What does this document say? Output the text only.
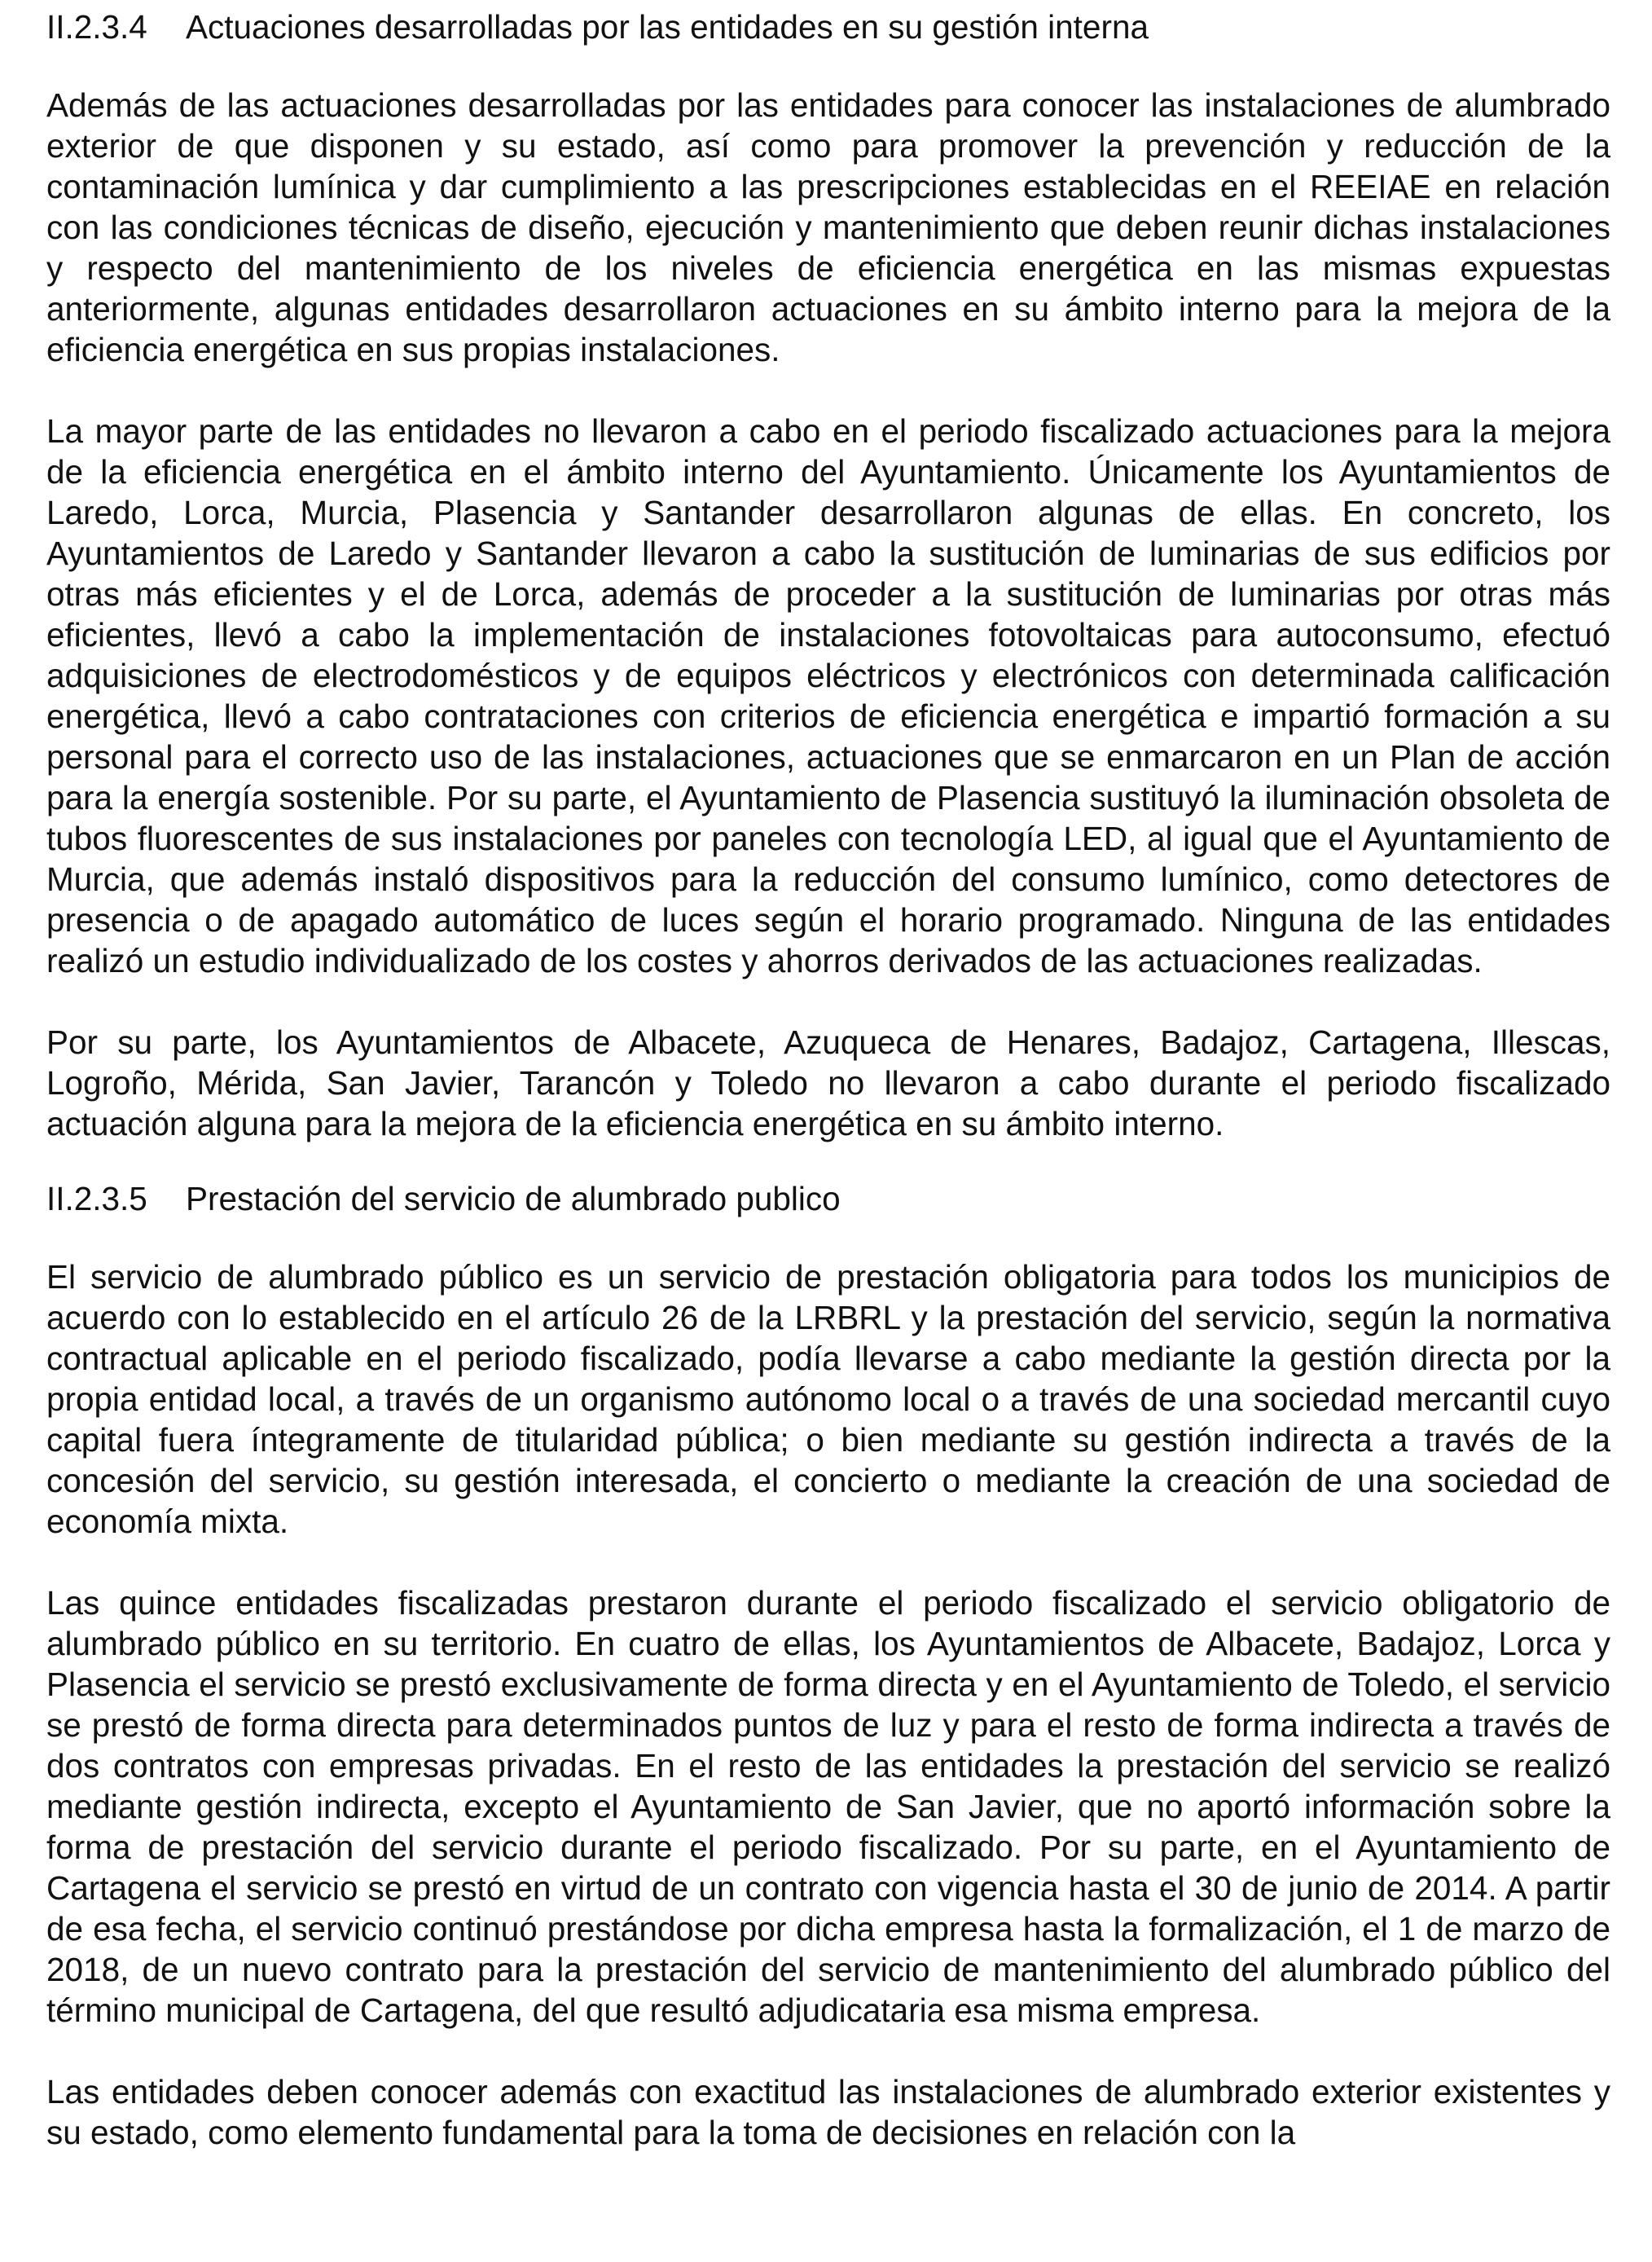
II.2.3.4 Actuaciones desarrolladas por las entidades en su gestión interna

Además de las actuaciones desarrolladas por las entidades para conocer las instalaciones de alumbrado exterior de que disponen y su estado, así como para promover la prevención y reducción de la contaminación lumínica y dar cumplimiento a las prescripciones establecidas en el REEIAE en relación con las condiciones técnicas de diseño, ejecución y mantenimiento que deben reunir dichas instalaciones y respecto del mantenimiento de los niveles de eficiencia energética en las mismas expuestas anteriormente, algunas entidades desarrollaron actuaciones en su ámbito interno para la mejora de la eficiencia energética en sus propias instalaciones.

La mayor parte de las entidades no llevaron a cabo en el periodo fiscalizado actuaciones para la mejora de la eficiencia energética en el ámbito interno del Ayuntamiento. Únicamente los Ayuntamientos de Laredo, Lorca, Murcia, Plasencia y Santander desarrollaron algunas de ellas. En concreto, los Ayuntamientos de Laredo y Santander llevaron a cabo la sustitución de luminarias de sus edificios por otras más eficientes y el de Lorca, además de proceder a la sustitución de luminarias por otras más eficientes, llevó a cabo la implementación de instalaciones fotovoltaicas para autoconsumo, efectuó adquisiciones de electrodomésticos y de equipos eléctricos y electrónicos con determinada calificación energética, llevó a cabo contrataciones con criterios de eficiencia energética e impartió formación a su personal para el correcto uso de las instalaciones, actuaciones que se enmarcaron en un Plan de acción para la energía sostenible. Por su parte, el Ayuntamiento de Plasencia sustituyó la iluminación obsoleta de tubos fluorescentes de sus instalaciones por paneles con tecnología LED, al igual que el Ayuntamiento de Murcia, que además instaló dispositivos para la reducción del consumo lumínico, como detectores de presencia o de apagado automático de luces según el horario programado. Ninguna de las entidades realizó un estudio individualizado de los costes y ahorros derivados de las actuaciones realizadas.

Por su parte, los Ayuntamientos de Albacete, Azuqueca de Henares, Badajoz, Cartagena, Illescas, Logroño, Mérida, San Javier, Tarancón y Toledo no llevaron a cabo durante el periodo fiscalizado actuación alguna para la mejora de la eficiencia energética en su ámbito interno.

II.2.3.5 Prestación del servicio de alumbrado publico

El servicio de alumbrado público es un servicio de prestación obligatoria para todos los municipios de acuerdo con lo establecido en el artículo 26 de la LRBRL y la prestación del servicio, según la normativa contractual aplicable en el periodo fiscalizado, podía llevarse a cabo mediante la gestión directa por la propia entidad local, a través de un organismo autónomo local o a través de una sociedad mercantil cuyo capital fuera íntegramente de titularidad pública; o bien mediante su gestión indirecta a través de la concesión del servicio, su gestión interesada, el concierto o mediante la creación de una sociedad de economía mixta.

Las quince entidades fiscalizadas prestaron durante el periodo fiscalizado el servicio obligatorio de alumbrado público en su territorio. En cuatro de ellas, los Ayuntamientos de Albacete, Badajoz, Lorca y Plasencia el servicio se prestó exclusivamente de forma directa y en el Ayuntamiento de Toledo, el servicio se prestó de forma directa para determinados puntos de luz y para el resto de forma indirecta a través de dos contratos con empresas privadas. En el resto de las entidades la prestación del servicio se realizó mediante gestión indirecta, excepto el Ayuntamiento de San Javier, que no aportó información sobre la forma de prestación del servicio durante el periodo fiscalizado. Por su parte, en el Ayuntamiento de Cartagena el servicio se prestó en virtud de un contrato con vigencia hasta el 30 de junio de 2014. A partir de esa fecha, el servicio continuó prestándose por dicha empresa hasta la formalización, el 1 de marzo de 2018, de un nuevo contrato para la prestación del servicio de mantenimiento del alumbrado público del término municipal de Cartagena, del que resultó adjudicataria esa misma empresa.

Las entidades deben conocer además con exactitud las instalaciones de alumbrado exterior existentes y su estado, como elemento fundamental para la toma de decisiones en relación con la
